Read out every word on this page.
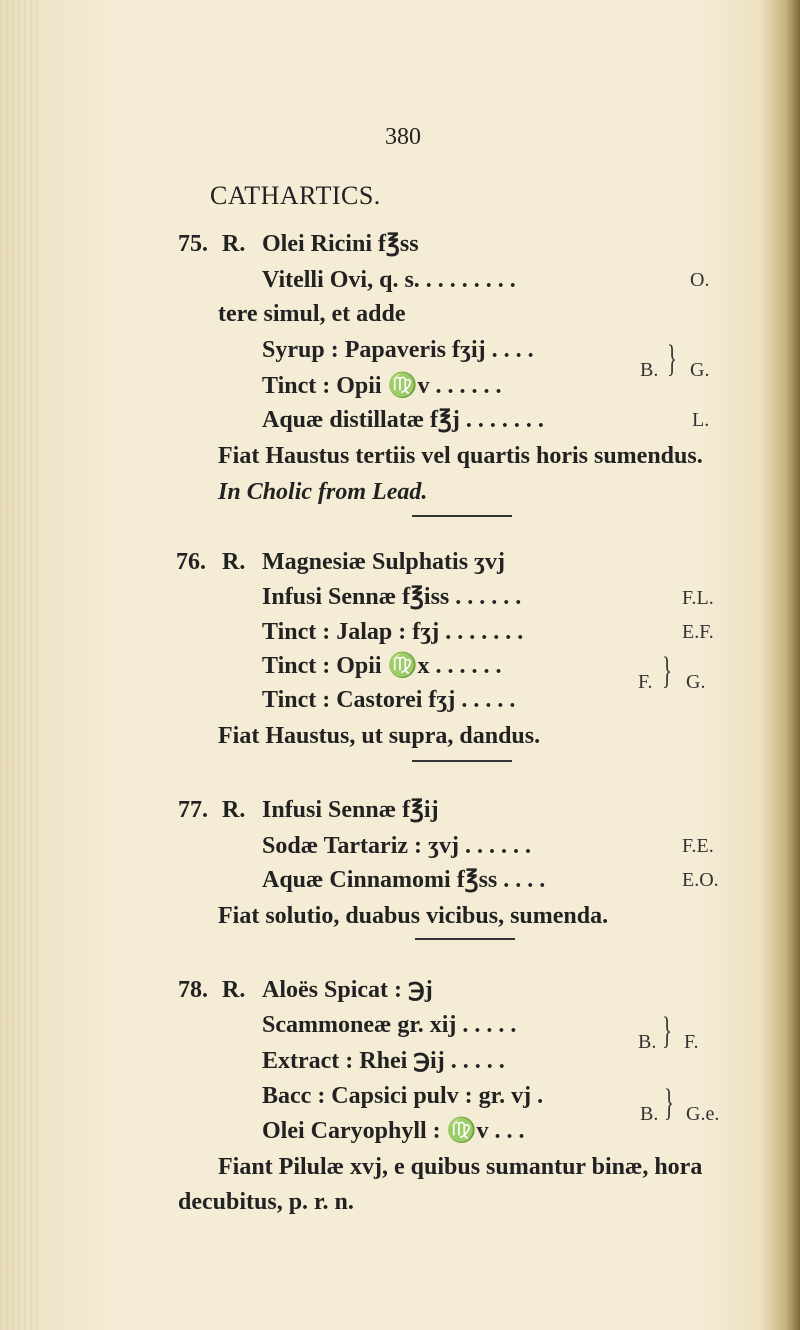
380
CATHARTICS.
75. R. Olei Ricini f℥ss
Vitelli Ovi, q. s. . . . . . . . .	O.
tere simul, et adde
Syrup : Papaveris fʒij . . . .
Tinct : Opii ♍v . . . . . .
B. } G.
Aquæ distillatæ f℥j . . . . . . .	L.
Fiat Haustus tertiis vel quartis horis sumendus.
In Cholic from Lead.
76. R. Magnesiæ Sulphatis ʒvj
Infusi Sennæ f℥iss . . . . . .	F.L.
Tinct : Jalap : fʒj . . . . . . .	E.F.
Tinct : Opii ♍x . . . . . .
Tinct : Castorei fʒj . . . . .
F. } G.
Fiat Haustus, ut supra, dandus.
77. R. Infusi Sennæ f℥ij
Sodæ Tartariz : ʒvj . . . . . .	F.E.
Aquæ Cinnamomi f℥ss . . . .	E.O.
Fiat solutio, duabus vicibus, sumenda.
78. R. Aloës Spicat : ℈j
Scammoneæ gr. xij . . . . .
Extract : Rhei ℈ij . . . . .
B. } F.
Bacc : Capsici pulv : gr. vj .
Olei Caryophyll : ♍v . . .
B. } G.e.
Fiant Pilulæ xvj, e quibus sumantur binæ, hora
decubitus, p. r. n.
